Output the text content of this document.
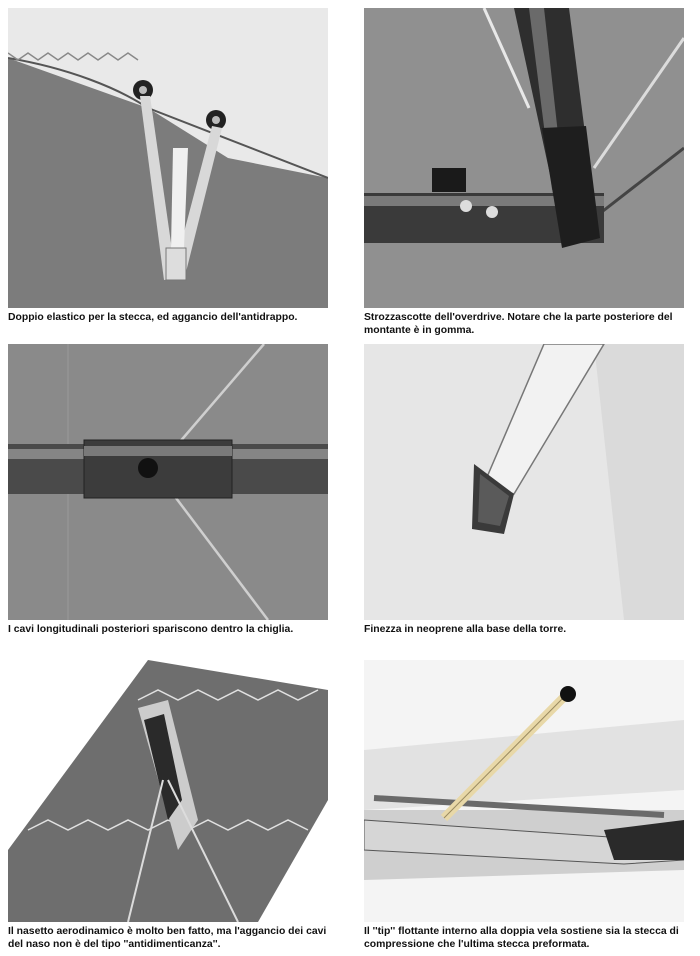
Doppio elastico per la stecca, ed aggancio dell'antidrappo.	Strozzascotte dell'overdrive. Notare che la parte posteriore del montante è in gomma.
I cavi longitudinali posteriori spariscono dentro la chiglia.	Finezza in neoprene alla base della torre.
Il nasetto aerodinamico è molto ben fatto, ma l'aggancio dei cavi del naso non è del tipo ''antidimenticanza''.
Il ''tip'' flottante interno alla doppia vela sostiene sia la stecca di compressione che l'ultima stecca preformata.
